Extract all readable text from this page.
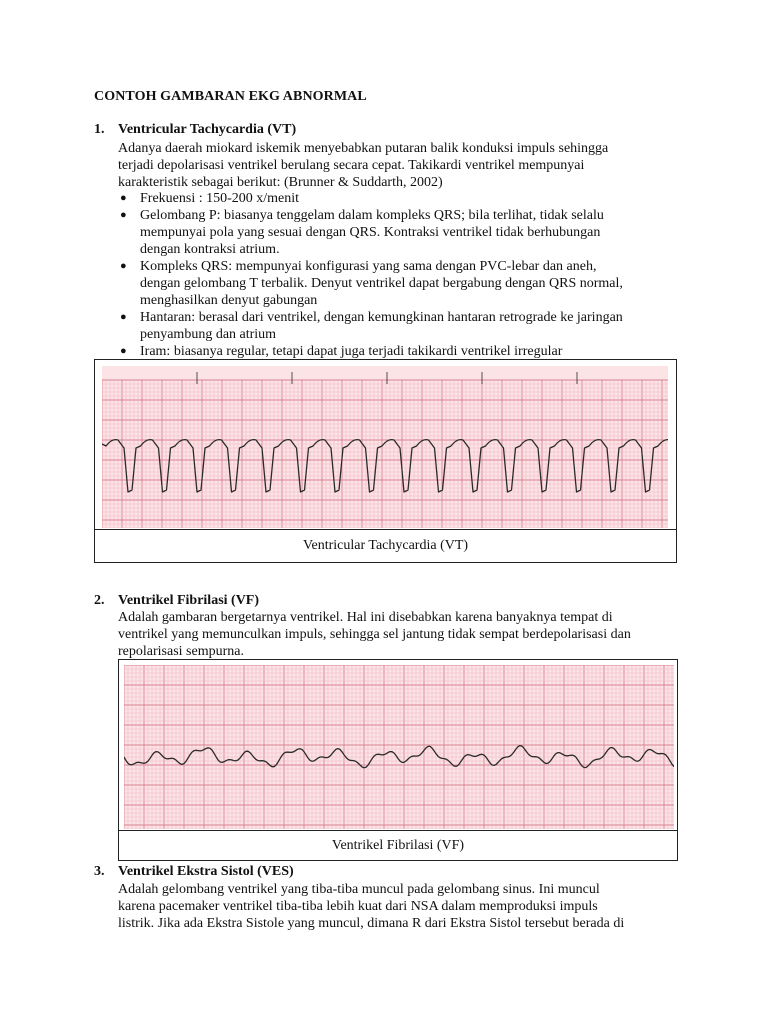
CONTOH GAMBARAN EKG ABNORMAL
1. Ventricular Tachycardia (VT)
Adanya daerah miokard iskemik menyebabkan putaran balik konduksi impuls sehingga
terjadi depolarisasi ventrikel berulang secara cepat. Takikardi ventrikel mempunyai
karakteristik sebagai berikut: (Brunner & Suddarth, 2002)
● Frekuensi : 150-200 x/menit
● Gelombang P: biasanya tenggelam dalam kompleks QRS; bila terlihat, tidak selalu
mempunyai pola yang sesuai dengan QRS. Kontraksi ventrikel tidak berhubungan
dengan kontraksi atrium.
● Kompleks QRS: mempunyai konfigurasi yang sama dengan PVC-lebar dan aneh,
dengan gelombang T terbalik. Denyut ventrikel dapat bergabung dengan QRS normal,
menghasilkan denyut gabungan
● Hantaran: berasal dari ventrikel, dengan kemungkinan hantaran retrograde ke jaringan
penyambung dan atrium
● Iram: biasanya regular, tetapi dapat juga terjadi takikardi ventrikel irregular
Ventricular Tachycardia (VT)
2. Ventrikel Fibrilasi (VF)
Adalah gambaran bergetarnya ventrikel. Hal ini disebabkan karena banyaknya tempat di
ventrikel yang memunculkan impuls, sehingga sel jantung tidak sempat berdepolarisasi dan
repolarisasi sempurna.
Ventrikel Fibrilasi (VF)
3. Ventrikel Ekstra Sistol (VES)
Adalah gelombang ventrikel yang tiba-tiba muncul pada gelombang sinus. Ini muncul
karena pacemaker ventrikel tiba-tiba lebih kuat dari NSA dalam memproduksi impuls
listrik. Jika ada Ekstra Sistole yang muncul, dimana R dari Ekstra Sistol tersebut berada di
